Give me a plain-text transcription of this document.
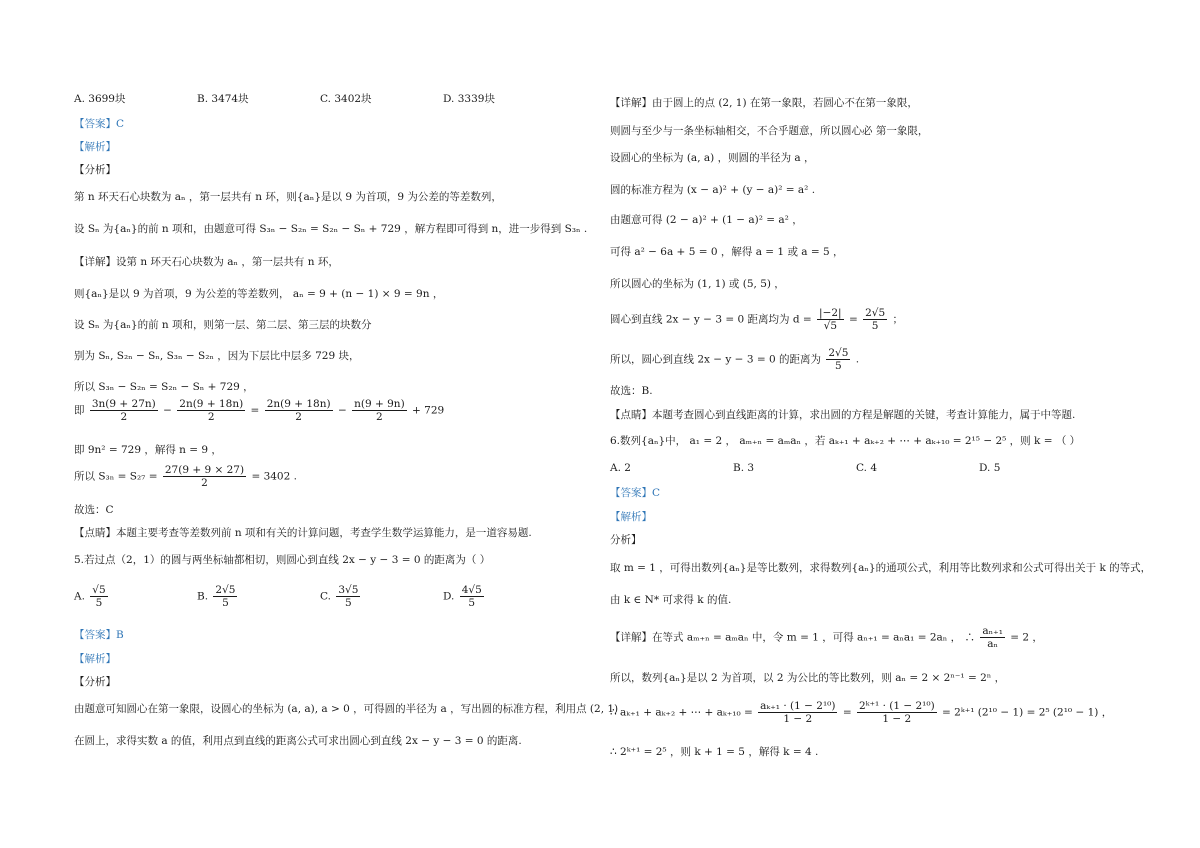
A. 3699块	B. 3474块	C. 3402块	D. 3339块
【答案】C
【解析】
【分析】
第 n 环天石心块数为 aₙ ，第一层共有 n 环，则{aₙ}是以 9 为首项，9 为公差的等差数列，
设 Sₙ 为{aₙ}的前 n 项和，由题意可得 S₃ₙ − S₂ₙ = S₂ₙ − Sₙ + 729 ，解方程即可得到 n，进一步得到 S₃ₙ .
【详解】设第 n 环天石心块数为 aₙ ，第一层共有 n 环，
则{aₙ}是以 9 为首项，9 为公差的等差数列， aₙ = 9 + (n − 1) × 9 = 9n ，
设 Sₙ 为{aₙ}的前 n 项和，则第一层、第二层、第三层的块数分
别为 Sₙ, S₂ₙ − Sₙ, S₃ₙ − S₂ₙ ，因为下层比中层多 729 块，
所以 S₃ₙ − S₂ₙ = S₂ₙ − Sₙ + 729 ，
即 9n² = 729 ，解得 n = 9 ，
故选：C
【点睛】本题主要考查等差数列前 n 项和有关的计算问题，考查学生数学运算能力，是一道容易题.
5.若过点（2，1）的圆与两坐标轴都相切，则圆心到直线 2x − y − 3 = 0 的距离为（ ）
【答案】B
【解析】
【分析】
由题意可知圆心在第一象限，设圆心的坐标为 (a, a), a > 0 ，可得圆的半径为 a ，写出圆的标准方程，利用点 (2, 1)
在圆上，求得实数 a 的值，利用点到直线的距离公式可求出圆心到直线 2x − y − 3 = 0 的距离.
即 $\frac{3n(9 + 27n)}{2} - \frac{2n(9 + 18n)}{2} = \frac{2n(9 + 18n)}{2} - \frac{n(9 + 9n)}{2} + 729$
所以 $S_{3n} = S_{27} = \frac{27(9 + 9 \times 27)}{2} = 3402$ .
A. $\frac{√5}{5}$	B. $\frac{2√5}{5}$	C. $\frac{3√5}{5}$	D. $\frac{4√5}{5}$
【详解】由于圆上的点 (2, 1) 在第一象限，若圆心不在第一象限，
则圆与至少与一条坐标轴相交，不合乎题意，所以圆心必 第一象限，
设圆心的坐标为 (a, a) ，则圆的半径为 a ，
圆的标准方程为 (x − a)² + (y − a)² = a² .
由题意可得 (2 − a)² + (1 − a)² = a² ，
可得 a² − 6a + 5 = 0 ，解得 a = 1 或 a = 5 ，
所以圆心的坐标为 (1, 1) 或 (5, 5) ，
故选：B.
【点睛】本题考查圆心到直线距离的计算，求出圆的方程是解题的关键，考查计算能力，属于中等题.
6.数列{aₙ}中， a₁ = 2 ， aₘ₊ₙ = aₘaₙ ，若 aₖ₊₁ + aₖ₊₂ + ⋯ + aₖ₊₁₀ = 2¹⁵ − 2⁵ ，则 k = （ ）
【答案】C
【解析】
分析】
取 m = 1 ，可得出数列{aₙ}是等比数列，求得数列{aₙ}的通项公式，利用等比数列求和公式可得出关于 k 的等式，
由 k ∈ N* 可求得 k 的值.
所以，数列{aₙ}是以 2 为首项，以 2 为公比的等比数列，则 aₙ = 2 × 2ⁿ⁻¹ = 2ⁿ ，
∴ 2ᵏ⁺¹ = 2⁵ ，则 k + 1 = 5 ，解得 k = 4 .
圆心到直线 2x − y − 3 = 0 距离均为 $d = \frac{|-2|}{√5} = \frac{2√5}{5}$ ；
所以，圆心到直线 2x − y − 3 = 0 的距离为 $\frac{2√5}{5}$ .
A. 2	B. 3	C. 4	D. 5
【详解】在等式 aₘ₊ₙ = aₘaₙ 中，令 m = 1 ，可得 aₙ₊₁ = aₙa₁ = 2aₙ ， ∴ $\frac{\text{aₙ₊₁}}{\text{aₙ}} = 2$ ，
∴ aₖ₊₁ + aₖ₊₂ + ⋯ + $a_{k+10} = \frac{\text{aₖ₊₁ · (1 − 2¹⁰)}}{1 - 2} = \frac{\text{2ᵏ⁺¹ · (1 − 2¹⁰)}}{1 - 2}$ = 2ᵏ⁺¹ (2¹⁰ − 1) = 2⁵ (2¹⁰ − 1) ，
